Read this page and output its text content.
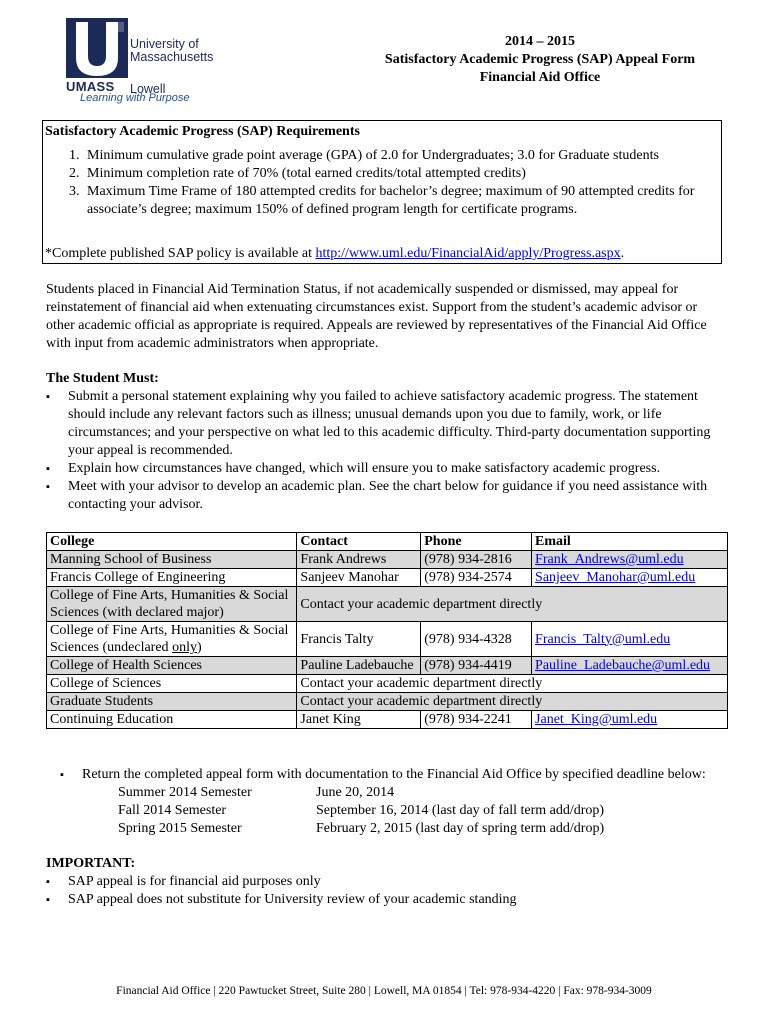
University of
Massachusetts
UMASS Lowell
Learning with Purpose
2014 – 2015
Satisfactory Academic Progress (SAP) Appeal Form
Financial Aid Office
Satisfactory Academic Progress (SAP) Requirements
1. Minimum cumulative grade point average (GPA) of 2.0 for Undergraduates; 3.0 for Graduate students
2. Minimum completion rate of 70% (total earned credits/total attempted credits)
3. Maximum Time Frame of 180 attempted credits for bachelor’s degree; maximum of 90 attempted credits for associate’s degree; maximum 150% of defined program length for certificate programs.
*Complete published SAP policy is available at http://www.uml.edu/FinancialAid/apply/Progress.aspx.
Students placed in Financial Aid Termination Status, if not academically suspended or dismissed, may appeal for reinstatement of financial aid when extenuating circumstances exist. Support from the student’s academic advisor or other academic official as appropriate is required. Appeals are reviewed by representatives of the Financial Aid Office with input from academic administrators when appropriate.
The Student Must:
▪ Submit a personal statement explaining why you failed to achieve satisfactory academic progress. The statement should include any relevant factors such as illness; unusual demands upon you due to family, work, or life circumstances; and your perspective on what led to this academic difficulty. Third-party documentation supporting your appeal is recommended.
▪ Explain how circumstances have changed, which will ensure you to make satisfactory academic progress.
▪ Meet with your advisor to develop an academic plan. See the chart below for guidance if you need assistance with contacting your advisor.
College	Contact	Phone	Email
Manning School of Business	Frank Andrews	(978) 934-2816	Frank_Andrews@uml.edu
Francis College of Engineering	Sanjeev Manohar	(978) 934-2574	Sanjeev_Manohar@uml.edu
College of Fine Arts, Humanities & Social Sciences (with declared major)	Contact your academic department directly		
College of Fine Arts, Humanities & Social Sciences (undeclared only)	Francis Talty	(978) 934-4328	Francis_Talty@uml.edu
College of Health Sciences	Pauline Ladebauche	(978) 934-4419	Pauline_Ladebauche@uml.edu
College of Sciences	Contact your academic department directly		
Graduate Students	Contact your academic department directly		
Continuing Education	Janet King	(978) 934-2241	Janet_King@uml.edu
▪ Return the completed appeal form with documentation to the Financial Aid Office by specified deadline below:
Summer 2014 Semester	June 20, 2014
Fall 2014 Semester	September 16, 2014 (last day of fall term add/drop)
Spring 2015 Semester	February 2, 2015 (last day of spring term add/drop)
IMPORTANT:
▪ SAP appeal is for financial aid purposes only
▪ SAP appeal does not substitute for University review of your academic standing
Financial Aid Office | 220 Pawtucket Street, Suite 280 | Lowell, MA 01854 | Tel: 978-934-4220 | Fax: 978-934-3009
